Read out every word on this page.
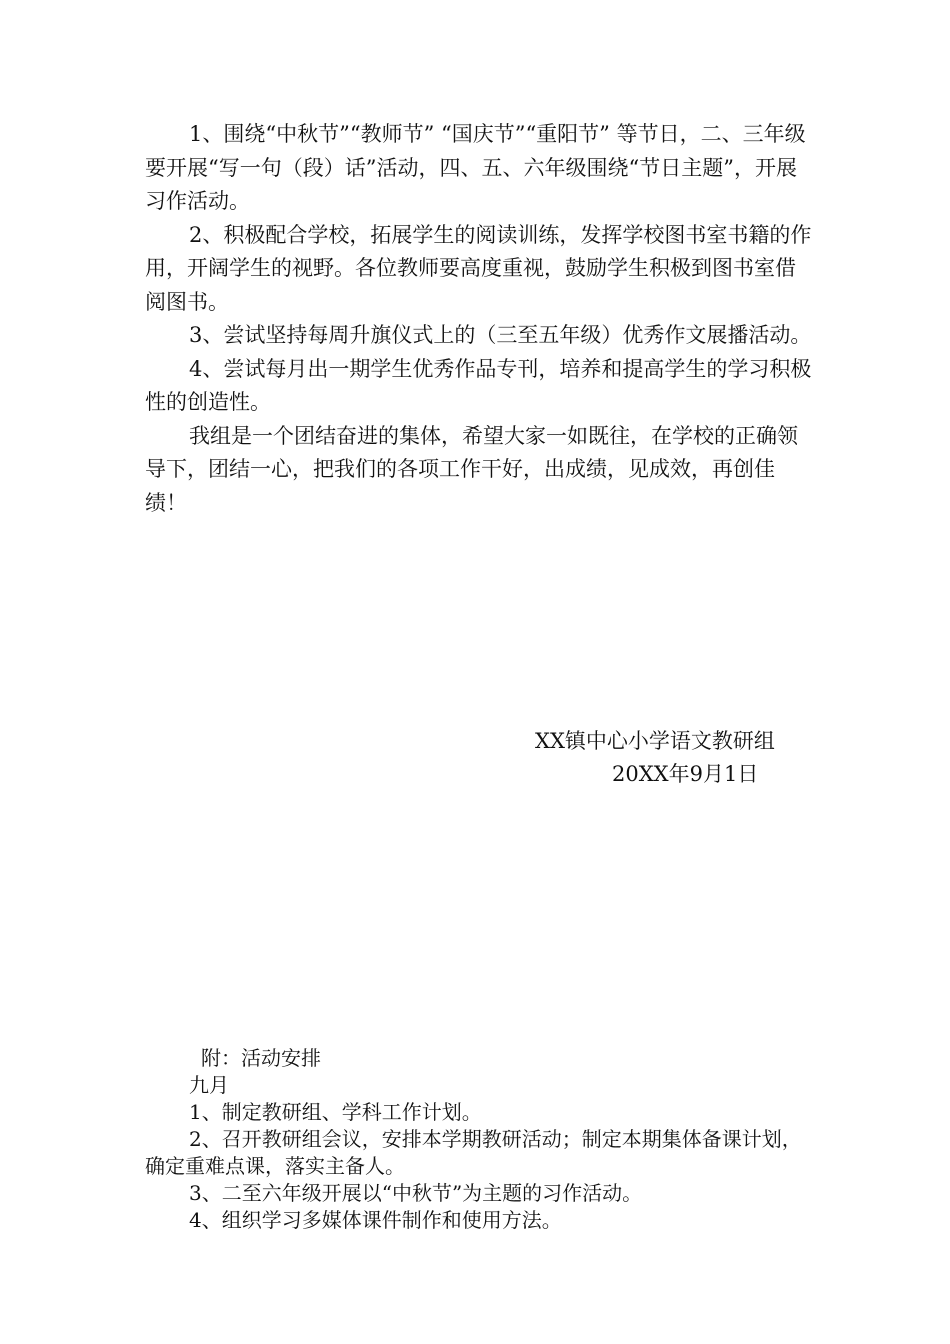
1、围绕“中秋节”“教师节” “国庆节”“重阳节” 等节日，二、三年级要开展“写一句（段）话”活动，四、五、六年级围绕“节日主题”，开展习作活动。

2、积极配合学校，拓展学生的阅读训练，发挥学校图书室书籍的作用，开阔学生的视野。各位教师要高度重视，鼓励学生积极到图书室借阅图书。

3、尝试坚持每周升旗仪式上的（三至五年级）优秀作文展播活动。

4、尝试每月出一期学生优秀作品专刊，培养和提高学生的学习积极性的创造性。

我组是一个团结奋进的集体，希望大家一如既往，在学校的正确领导下，团结一心，把我们的各项工作干好，出成绩，见成效，再创佳绩！

XX镇中心小学语文教研组
20XX年9月1日

附：活动安排

九月

1、制定教研组、学科工作计划。

2、召开教研组会议，安排本学期教研活动；制定本期集体备课计划，确定重难点课，落实主备人。

3、二至六年级开展以“中秋节”为主题的习作活动。

4、组织学习多媒体课件制作和使用方法。
